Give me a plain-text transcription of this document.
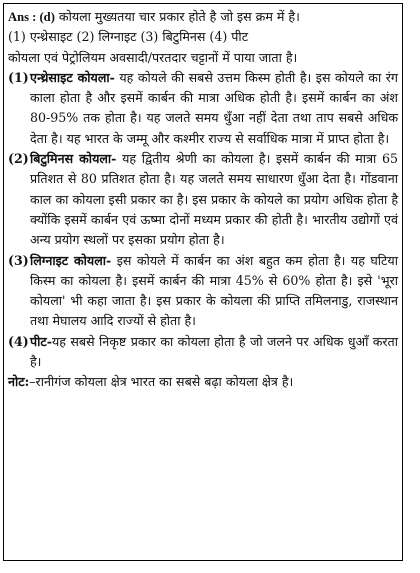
Ans : (d) कोयला मुख्यतया चार प्रकार होते है जो इस क्रम में है।

(1) एन्थ्रेसाइट (2) लिग्नाइट (3) बिटुमिनस (4) पीट

कोयला एवं पेट्रोलियम अवसादी/परतदार चट्टानों में पाया जाता है।

(1) एन्थ्रेसाइट कोयला- यह कोयले की सबसे उत्तम किस्म होती है। इस कोयले का रंग काला होता है और इसमें कार्बन की मात्रा अधिक होती है। इसमें कार्बन का अंश 80-95% तक होता है। यह जलते समय धुँआ नहीं देता तथा ताप सबसे अधिक देता है। यह भारत के जम्मू और कश्मीर राज्य से सर्वाधिक मात्रा में प्राप्त होता है।

(2) बिटुमिनस कोयला- यह द्वितीय श्रेणी का कोयला है। इसमें कार्बन की मात्रा 65 प्रतिशत से 80 प्रतिशत होता है। यह जलते समय साधारण धुँआ देता है। गोंडवाना काल का कोयला इसी प्रकार का है। इस प्रकार के कोयले का प्रयोग अधिक होता है क्योंकि इसमें कार्बन एवं ऊष्मा दोनों मध्यम प्रकार की होती है। भारतीय उद्योगों एवं अन्य प्रयोग स्थलों पर इसका प्रयोग होता है।

(3) लिग्नाइट कोयला- इस कोयले में कार्बन का अंश बहुत कम होता है। यह घटिया किस्म का कोयला है। इसमें कार्बन की मात्रा 45% से 60% होता है। इसे 'भूरा कोयला' भी कहा जाता है। इस प्रकार के कोयला की प्राप्ति तमिलनाडु, राजस्थान तथा मेघालय आदि राज्यों से होता है।

(4) पीट-यह सबसे निकृष्ट प्रकार का कोयला होता है जो जलने पर अधिक धुआँ करता है।

नोट:–रानीगंज कोयला क्षेत्र भारत का सबसे बढ़ा कोयला क्षेत्र है।
